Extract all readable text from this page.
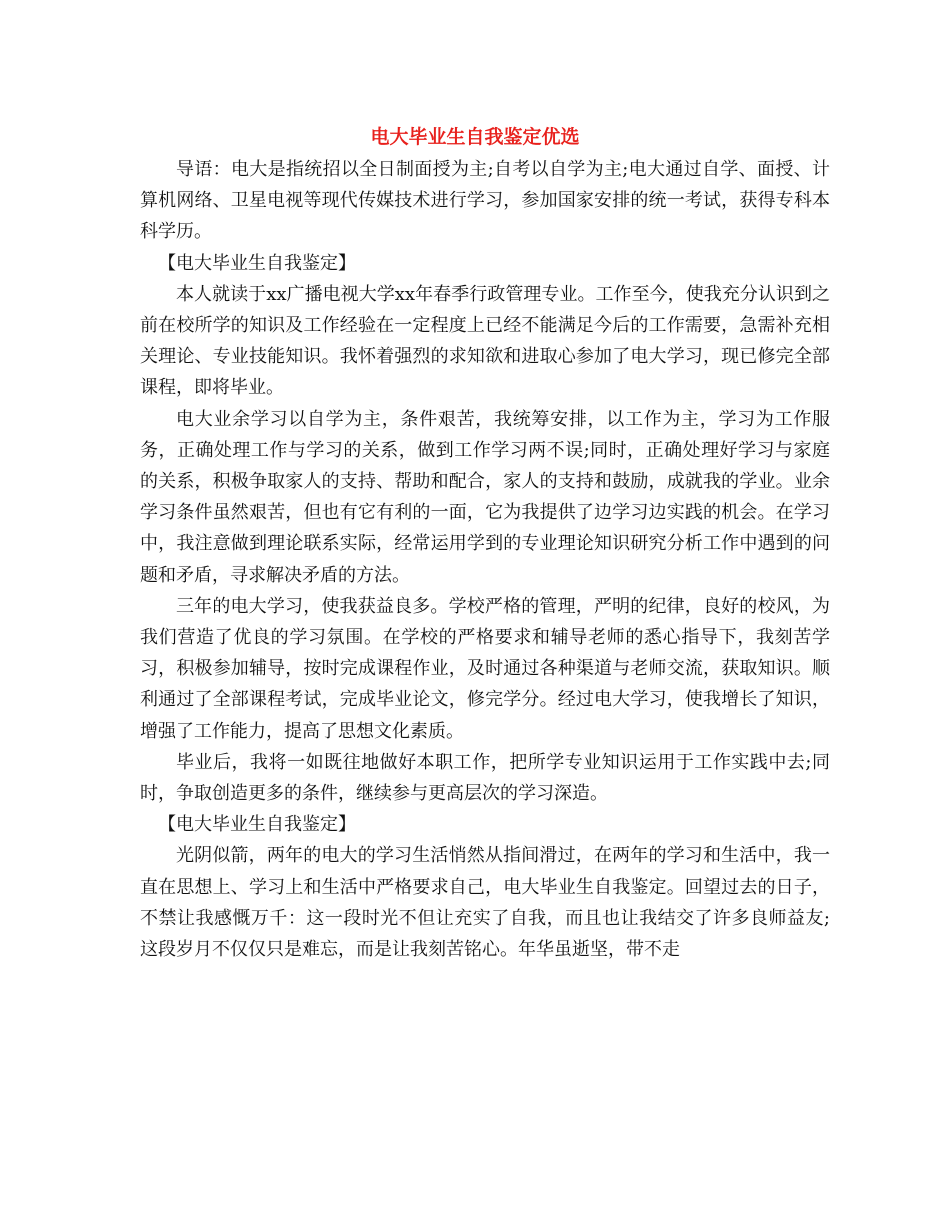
电大毕业生自我鉴定优选

导语：电大是指统招以全日制面授为主;自考以自学为主;电大通过自学、面授、计算机网络、卫星电视等现代传媒技术进行学习，参加国家安排的统一考试，获得专科本科学历。

【电大毕业生自我鉴定】

本人就读于xx广播电视大学xx年春季行政管理专业。工作至今，使我充分认识到之前在校所学的知识及工作经验在一定程度上已经不能满足今后的工作需要，急需补充相关理论、专业技能知识。我怀着强烈的求知欲和进取心参加了电大学习，现已修完全部课程，即将毕业。

电大业余学习以自学为主，条件艰苦，我统筹安排，以工作为主，学习为工作服务，正确处理工作与学习的关系，做到工作学习两不误;同时，正确处理好学习与家庭的关系，积极争取家人的支持、帮助和配合，家人的支持和鼓励，成就我的学业。业余学习条件虽然艰苦，但也有它有利的一面，它为我提供了边学习边实践的机会。在学习中，我注意做到理论联系实际，经常运用学到的专业理论知识研究分析工作中遇到的问题和矛盾，寻求解决矛盾的方法。

三年的电大学习，使我获益良多。学校严格的管理，严明的纪律，良好的校风，为我们营造了优良的学习氛围。在学校的严格要求和辅导老师的悉心指导下，我刻苦学习，积极参加辅导，按时完成课程作业，及时通过各种渠道与老师交流，获取知识。顺利通过了全部课程考试，完成毕业论文，修完学分。经过电大学习，使我增长了知识，增强了工作能力，提高了思想文化素质。

毕业后，我将一如既往地做好本职工作，把所学专业知识运用于工作实践中去;同时，争取创造更多的条件，继续参与更高层次的学习深造。

【电大毕业生自我鉴定】

光阴似箭，两年的电大的学习生活悄然从指间滑过，在两年的学习和生活中，我一直在思想上、学习上和生活中严格要求自己，电大毕业生自我鉴定。回望过去的日子，不禁让我感慨万千：这一段时光不但让充实了自我，而且也让我结交了许多良师益友;这段岁月不仅仅只是难忘，而是让我刻苦铭心。年华虽逝坚，带不走
